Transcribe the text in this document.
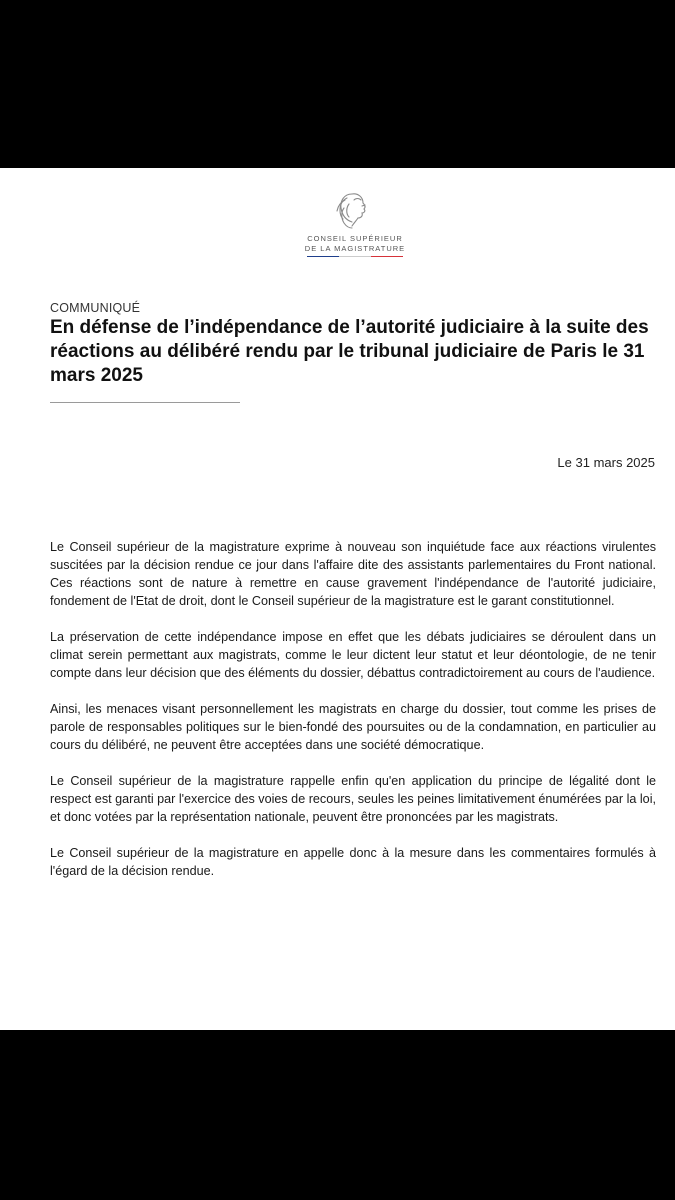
CONSEIL SUPÉRIEUR
DE LA MAGISTRATURE
COMMUNIQUÉ
En défense de l’indépendance de l’autorité judiciaire à la suite des réactions au délibéré rendu par le tribunal judiciaire de Paris le 31 mars 2025
Le 31 mars 2025

Le Conseil supérieur de la magistrature exprime à nouveau son inquiétude face aux réactions virulentes suscitées par la décision rendue ce jour dans l'affaire dite des assistants parlementaires du Front national. Ces réactions sont de nature à remettre en cause gravement l'indépendance de l'autorité judiciaire, fondement de l'Etat de droit, dont le Conseil supérieur de la magistrature est le garant constitutionnel.

La préservation de cette indépendance impose en effet que les débats judiciaires se déroulent dans un climat serein permettant aux magistrats, comme le leur dictent leur statut et leur déontologie, de ne tenir compte dans leur décision que des éléments du dossier, débattus contradictoirement au cours de l'audience.

Ainsi, les menaces visant personnellement les magistrats en charge du dossier, tout comme les prises de parole de responsables politiques sur le bien-fondé des poursuites ou de la condamnation, en particulier au cours du délibéré, ne peuvent être acceptées dans une société démocratique.

Le Conseil supérieur de la magistrature rappelle enfin qu'en application du principe de légalité dont le respect est garanti par l'exercice des voies de recours, seules les peines limitativement énumérées par la loi, et donc votées par la représentation nationale, peuvent être prononcées par les magistrats.

Le Conseil supérieur de la magistrature en appelle donc à la mesure dans les commentaires formulés à l'égard de la décision rendue.
